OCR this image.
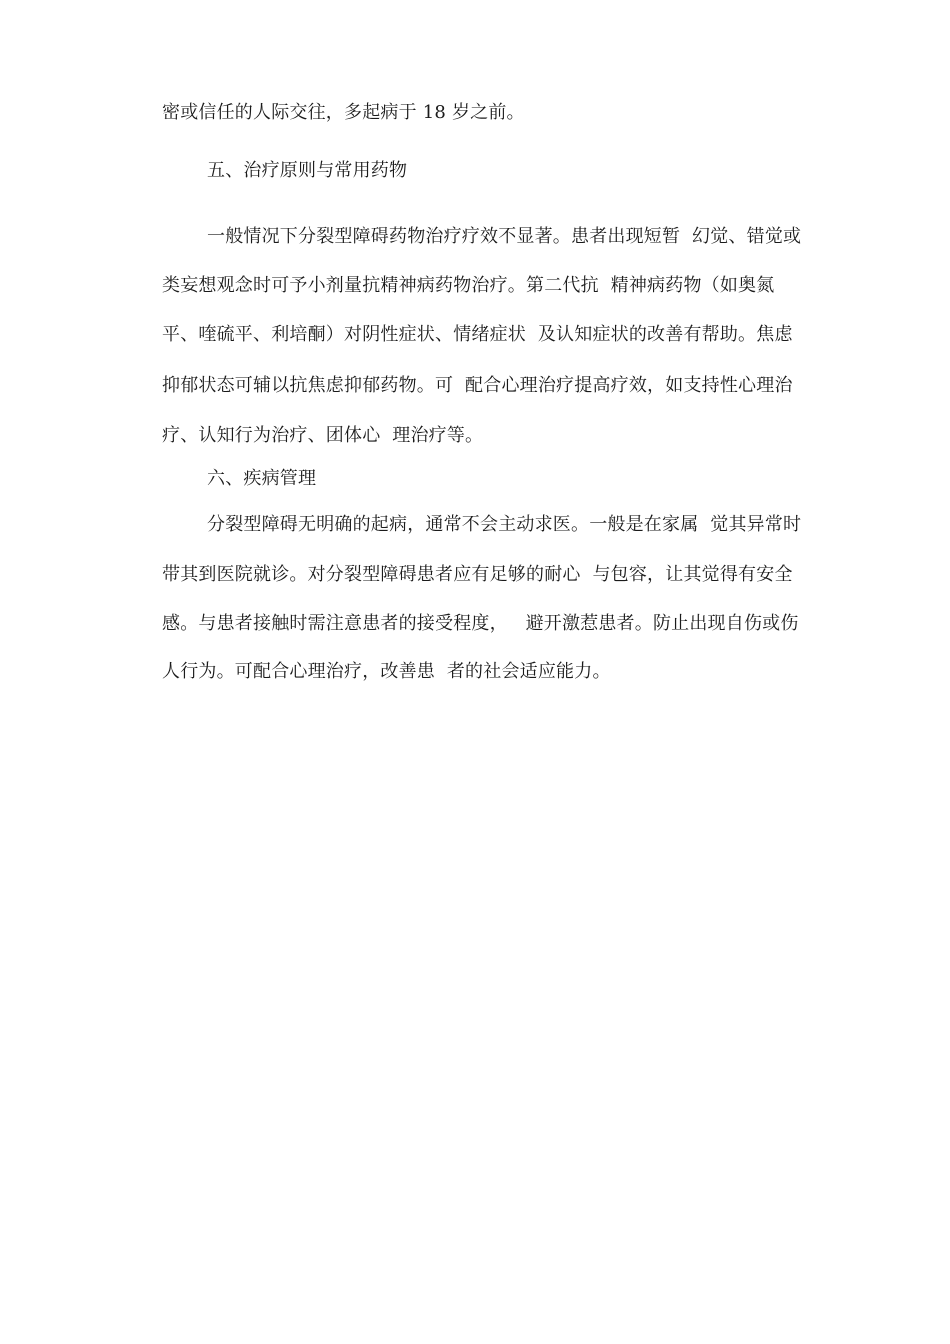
密或信任的人际交往，多起病于 18 岁之前。
五、治疗原则与常用药物
一般情况下分裂型障碍药物治疗疗效不显著。患者出现短暂  幻觉、错觉或
类妄想观念时可予小剂量抗精神病药物治疗。第二代抗  精神病药物（如奥氮
平、喹硫平、利培酮）对阴性症状、情绪症状  及认知症状的改善有帮助。焦虑
抑郁状态可辅以抗焦虑抑郁药物。可  配合心理治疗提高疗效，如支持性心理治
疗、认知行为治疗、团体心  理治疗等。
六、疾病管理
分裂型障碍无明确的起病，通常不会主动求医。一般是在家属  觉其异常时
带其到医院就诊。对分裂型障碍患者应有足够的耐心  与包容，让其觉得有安全
感。与患者接触时需注意患者的接受程度，   避开激惹患者。防止出现自伤或伤
人行为。可配合心理治疗，改善患  者的社会适应能力。
